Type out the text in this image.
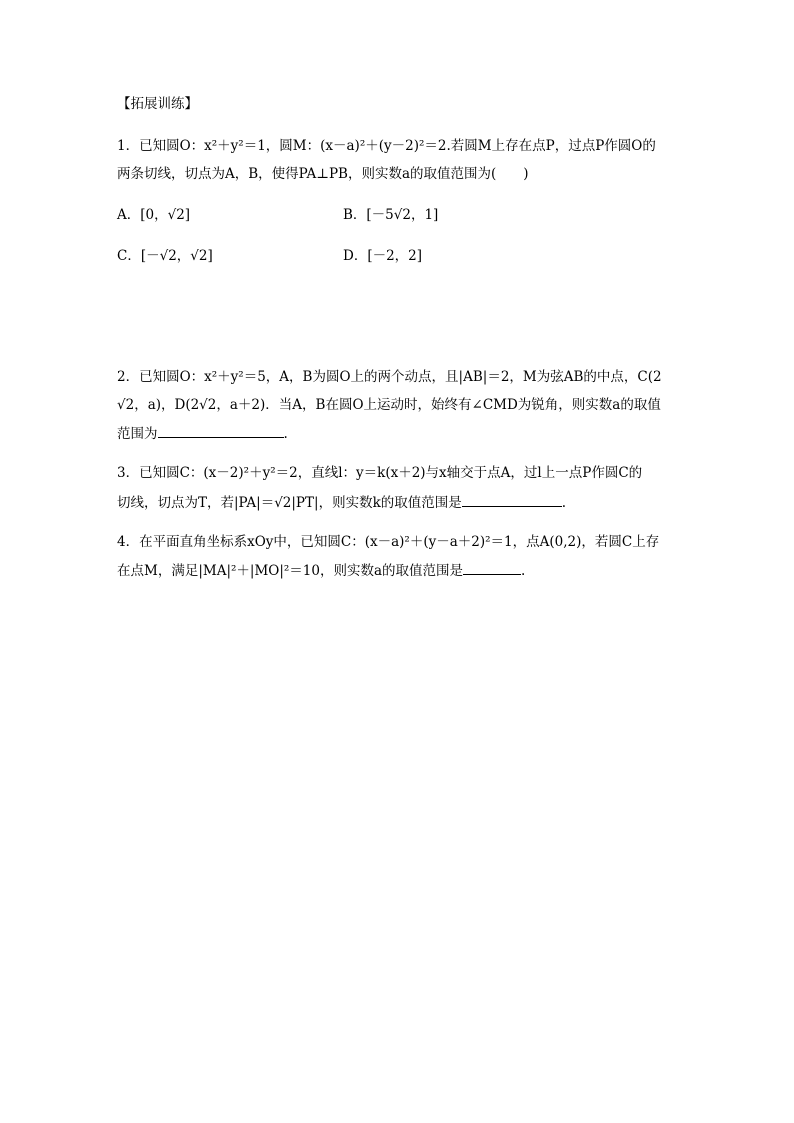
【拓展训练】
1．已知圆O：x²＋y²＝1，圆M：(x－a)²＋(y－2)²＝2.若圆M上存在点P，过点P作圆O的
两条切线，切点为A，B，使得PA⊥PB，则实数a的取值范围为(　　)
A．[0，√2]	B．[－5√2，1]
C．[－√2，√2]	D．[－2，2]
2．已知圆O：x²＋y²＝5，A，B为圆O上的两个动点，且|AB|＝2，M为弦AB的中点，C(2
√2，a)，D(2√2，a＋2)．当A，B在圆O上运动时，始终有∠CMD为锐角，则实数a的取值
范围为	.
3．已知圆C：(x－2)²＋y²＝2，直线l：y＝k(x＋2)与x轴交于点A，过l上一点P作圆C的
切线，切点为T，若|PA|＝√2|PT|，则实数k的取值范围是	.
4．在平面直角坐标系xOy中，已知圆C：(x－a)²＋(y－a＋2)²＝1，点A(0,2)，若圆C上存
在点M，满足|MA|²＋|MO|²＝10，则实数a的取值范围是	.
